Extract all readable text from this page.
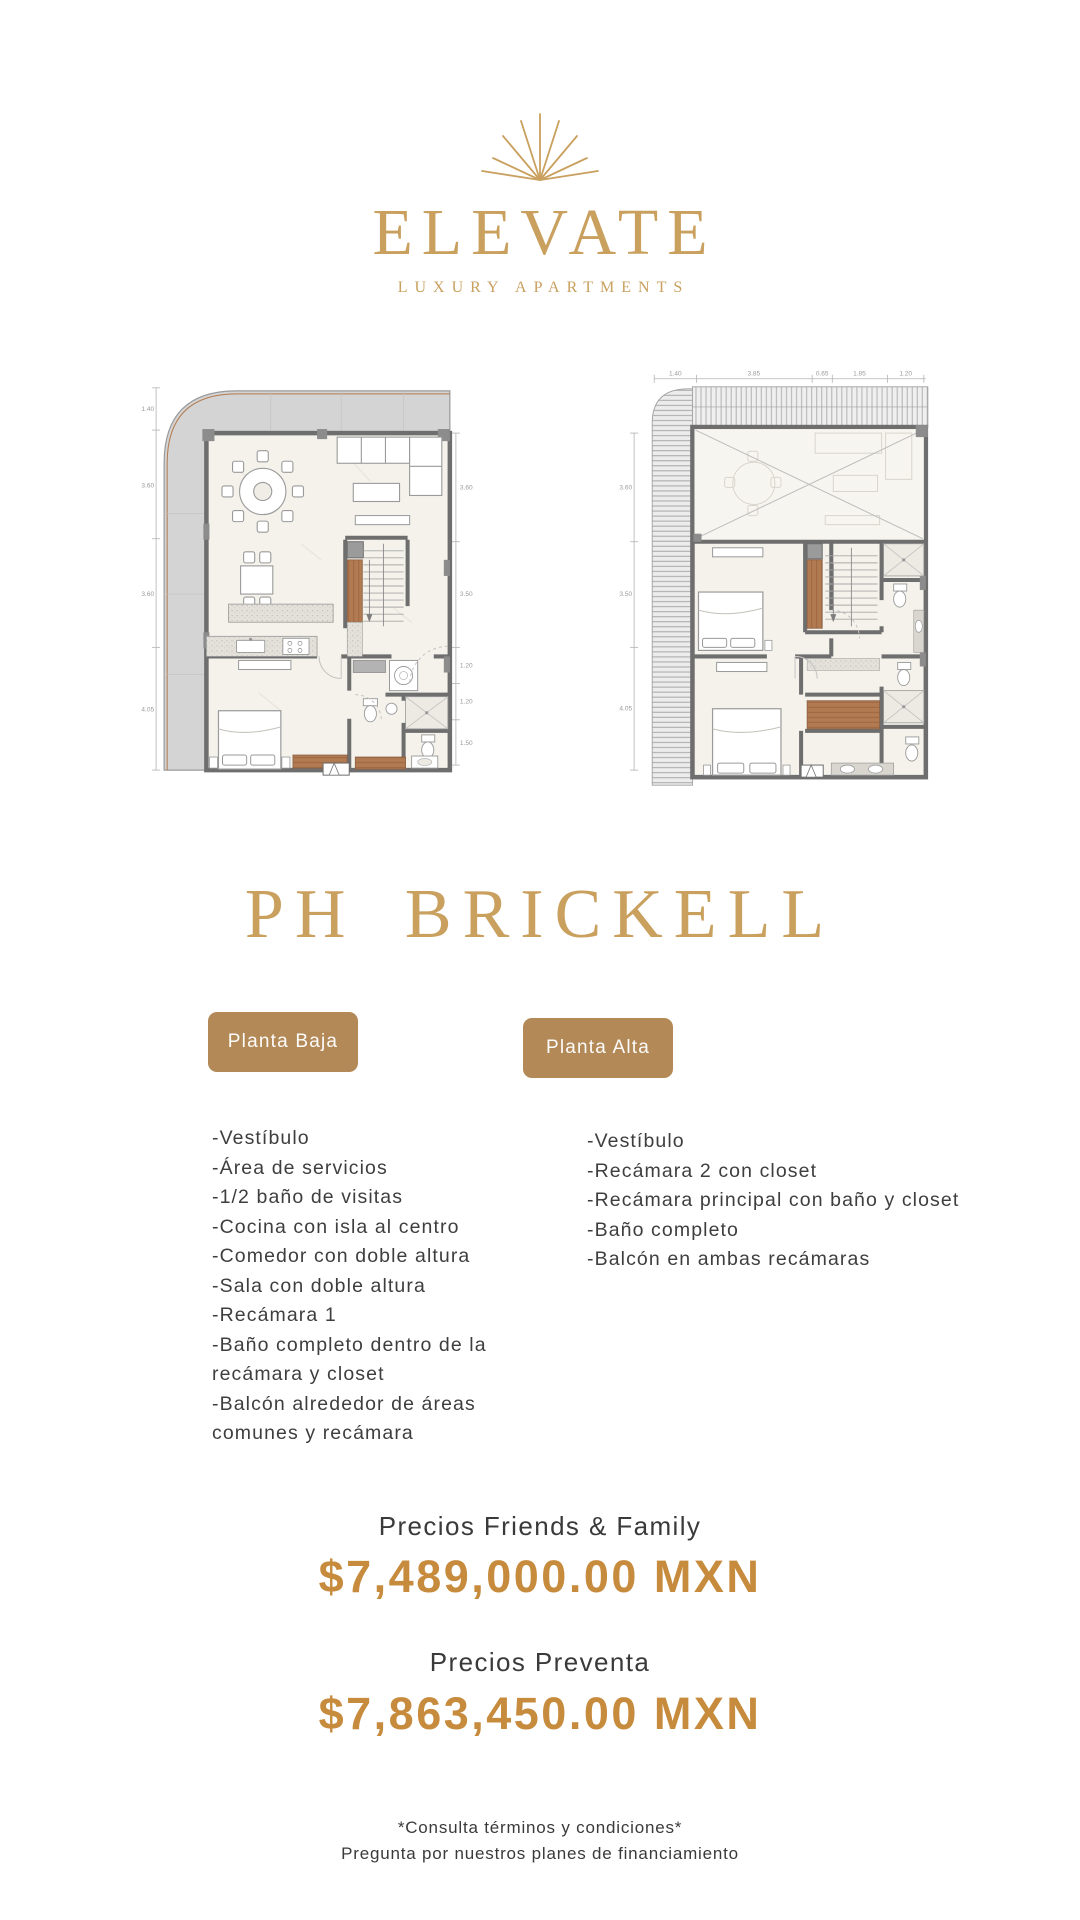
ELEVATE
LUXURY APARTMENTS
1.40
3.60
3.60
4.05
3.60
3.50
1.20
1.20
1.50
1.40	3.85	0.65	1.85	1.20
3.60
3.50
4.05
PH BRICKELL
Planta Baja	Planta Alta
-Vestíbulo
-Área de servicios
-1/2 baño de visitas
-Cocina con isla al centro
-Comedor con doble altura
-Sala con doble altura
-Recámara 1
-Baño completo dentro de la recámara y closet
-Balcón alrededor de áreas comunes y recámara
-Vestíbulo
-Recámara 2 con closet
-Recámara principal con baño y closet
-Baño completo
-Balcón en ambas recámaras
Precios Friends & Family
$7,489,000.00 MXN
Precios Preventa
$7,863,450.00 MXN
*Consulta términos y condiciones*
Pregunta por nuestros planes de financiamiento
